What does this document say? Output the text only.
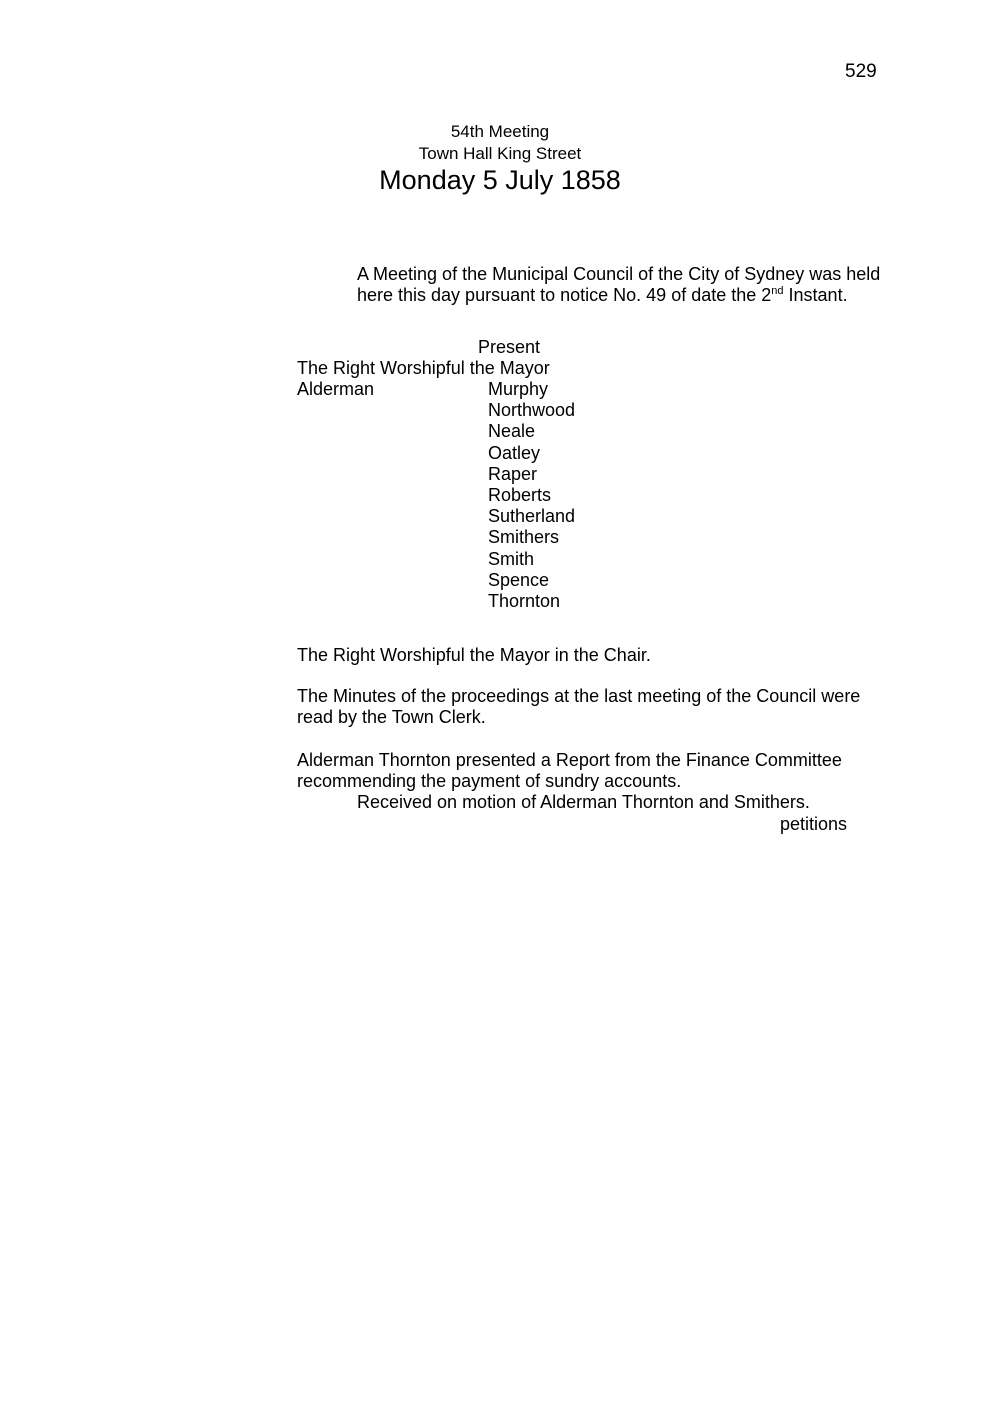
529
54th Meeting
Town Hall King Street
Monday 5 July 1858

A Meeting of the Municipal Council of the City of Sydney was held

here this day pursuant to notice No. 49 of date the 2nd Instant.

Present
The Right Worshipful the Mayor
Alderman	Murphy
Northwood
Neale
Oatley
Raper
Roberts
Sutherland
Smithers
Smith
Spence
Thornton

The Right Worshipful the Mayor in the Chair.

The Minutes of the proceedings at the last meeting of the Council were

read by the Town Clerk.

Alderman Thornton presented a Report from the Finance Committee

recommending the payment of sundry accounts.

Received on motion of Alderman Thornton and Smithers.
petitions
